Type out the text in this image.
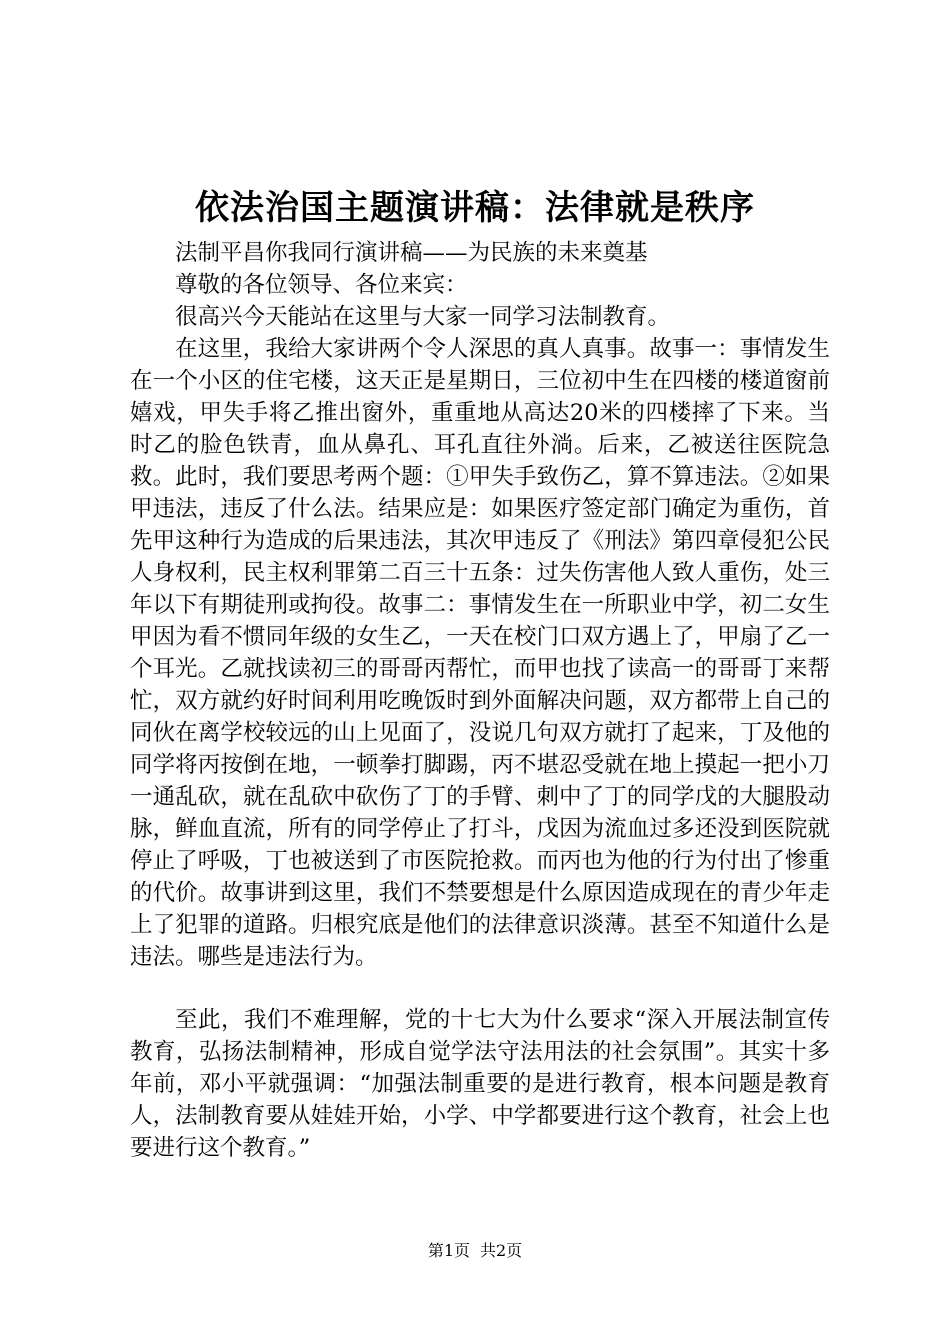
依法治国主题演讲稿：法律就是秩序

法制平昌你我同行演讲稿——为民族的未来奠基

尊敬的各位领导、各位来宾：

很高兴今天能站在这里与大家一同学习法制教育。

在这里，我给大家讲两个令人深思的真人真事。故事一：事情发生在一个小区的住宅楼，这天正是星期日，三位初中生在四楼的楼道窗前嬉戏，甲失手将乙推出窗外，重重地从高达20米的四楼摔了下来。当时乙的脸色铁青，血从鼻孔、耳孔直往外淌。后来，乙被送往医院急救。此时，我们要思考两个题：①甲失手致伤乙，算不算违法。②如果甲违法，违反了什么法。结果应是：如果医疗签定部门确定为重伤，首先甲这种行为造成的后果违法，其次甲违反了《刑法》第四章侵犯公民人身权利，民主权利罪第二百三十五条：过失伤害他人致人重伤，处三年以下有期徒刑或拘役。故事二：事情发生在一所职业中学，初二女生甲因为看不惯同年级的女生乙，一天在校门口双方遇上了，甲扇了乙一个耳光。乙就找读初三的哥哥丙帮忙，而甲也找了读高一的哥哥丁来帮忙，双方就约好时间利用吃晚饭时到外面解决问题，双方都带上自己的同伙在离学校较远的山上见面了，没说几句双方就打了起来，丁及他的同学将丙按倒在地，一顿拳打脚踢，丙不堪忍受就在地上摸起一把小刀一通乱砍，就在乱砍中砍伤了丁的手臂、刺中了丁的同学戊的大腿股动脉，鲜血直流，所有的同学停止了打斗，戊因为流血过多还没到医院就停止了呼吸，丁也被送到了市医院抢救。而丙也为他的行为付出了惨重的代价。故事讲到这里，我们不禁要想是什么原因造成现在的青少年走上了犯罪的道路。归根究底是他们的法律意识淡薄。甚至不知道什么是违法。哪些是违法行为。

至此，我们不难理解，党的十七大为什么要求“深入开展法制宣传教育，弘扬法制精神，形成自觉学法守法用法的社会氛围”。其实十多年前，邓小平就强调：“加强法制重要的是进行教育，根本问题是教育人，法制教育要从娃娃开始，小学、中学都要进行这个教育，社会上也要进行这个教育。”

第1页 共2页
